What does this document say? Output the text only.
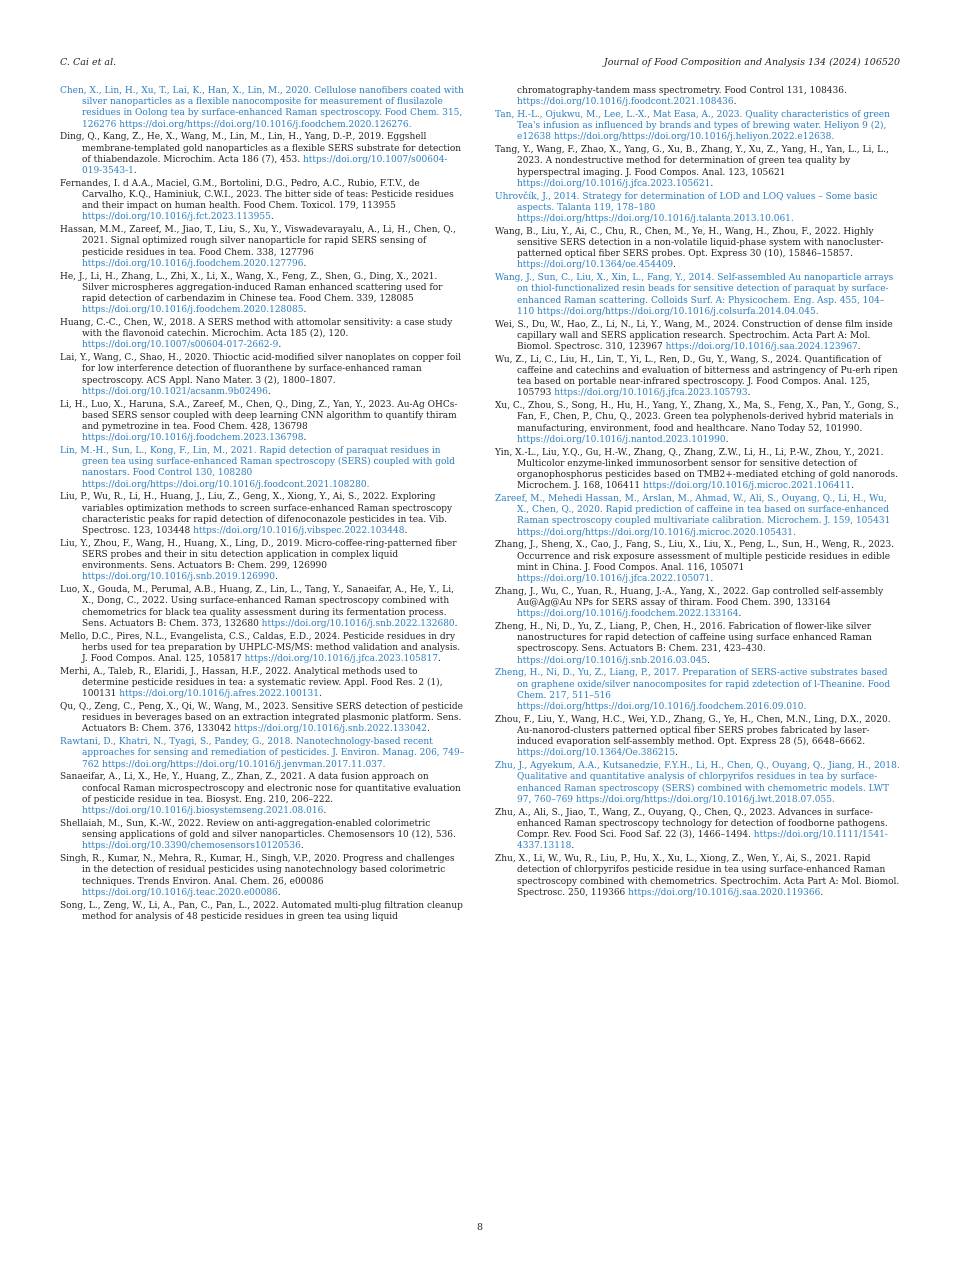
C. Cai et al.	Journal of Food Composition and Analysis 134 (2024) 106520
Chen, X., Lin, H., Xu, T., Lai, K., Han, X., Lin, M., 2020. Cellulose nanofibers coated with silver nanoparticles as a flexible nanocomposite for measurement of flusilazole residues in Oolong tea by surface-enhanced Raman spectroscopy. Food Chem. 315, 126276 https://doi.org/https://doi.org/10.1016/j.foodchem.2020.126276.
Ding, Q., Kang, Z., He, X., Wang, M., Lin, M., Lin, H., Yang, D.-P., 2019. Eggshell membrane-templated gold nanoparticles as a flexible SERS substrate for detection of thiabendazole. Microchim. Acta 186 (7), 453. https://doi.org/10.1007/s00604-019-3543-1.
Fernandes, I. d A.A., Maciel, G.M., Bortolini, D.G., Pedro, A.C., Rubio, F.T.V., de Carvalho, K.Q., Haminiuk, C.W.I., 2023. The bitter side of teas: Pesticide residues and their impact on human health. Food Chem. Toxicol. 179, 113955 https://doi.org/10.1016/j.fct.2023.113955.
Hassan, M.M., Zareef, M., Jiao, T., Liu, S., Xu, Y., Viswadevarayalu, A., Li, H., Chen, Q., 2021. Signal optimized rough silver nanoparticle for rapid SERS sensing of pesticide residues in tea. Food Chem. 338, 127796 https://doi.org/10.1016/j.foodchem.2020.127796.
He, J., Li, H., Zhang, L., Zhi, X., Li, X., Wang, X., Feng, Z., Shen, G., Ding, X., 2021. Silver microspheres aggregation-induced Raman enhanced scattering used for rapid detection of carbendazim in Chinese tea. Food Chem. 339, 128085 https://doi.org/10.1016/j.foodchem.2020.128085.
Huang, C.-C., Chen, W., 2018. A SERS method with attomolar sensitivity: a case study with the flavonoid catechin. Microchim. Acta 185 (2), 120. https://doi.org/10.1007/s00604-017-2662-9.
Lai, Y., Wang, C., Shao, H., 2020. Thioctic acid-modified silver nanoplates on copper foil for low interference detection of fluoranthene by surface-enhanced raman spectroscopy. ACS Appl. Nano Mater. 3 (2), 1800–1807. https://doi.org/10.1021/acsanm.9b02496.
Li, H., Luo, X., Haruna, S.A., Zareef, M., Chen, Q., Ding, Z., Yan, Y., 2023. Au-Ag OHCs-based SERS sensor coupled with deep learning CNN algorithm to quantify thiram and pymetrozine in tea. Food Chem. 428, 136798 https://doi.org/10.1016/j.foodchem.2023.136798.
Lin, M.-H., Sun, L., Kong, F., Lin, M., 2021. Rapid detection of paraquat residues in green tea using surface-enhanced Raman spectroscopy (SERS) coupled with gold nanostars. Food Control 130, 108280 https://doi.org/https://doi.org/10.1016/j.foodcont.2021.108280.
Liu, P., Wu, R., Li, H., Huang, J., Liu, Z., Geng, X., Xiong, Y., Ai, S., 2022. Exploring variables optimization methods to screen surface-enhanced Raman spectroscopy characteristic peaks for rapid detection of difenoconazole pesticides in tea. Vib. Spectrosc. 123, 103448 https://doi.org/10.1016/j.vibspec.2022.103448.
Liu, Y., Zhou, F., Wang, H., Huang, X., Ling, D., 2019. Micro-coffee-ring-patterned fiber SERS probes and their in situ detection application in complex liquid environments. Sens. Actuators B: Chem. 299, 126990 https://doi.org/10.1016/j.snb.2019.126990.
Luo, X., Gouda, M., Perumal, A.B., Huang, Z., Lin, L., Tang, Y., Sanaeifar, A., He, Y., Li, X., Dong, C., 2022. Using surface-enhanced Raman spectroscopy combined with chemometrics for black tea quality assessment during its fermentation process. Sens. Actuators B: Chem. 373, 132680 https://doi.org/10.1016/j.snb.2022.132680.
Mello, D.C., Pires, N.L., Evangelista, C.S., Caldas, E.D., 2024. Pesticide residues in dry herbs used for tea preparation by UHPLC-MS/MS: method validation and analysis. J. Food Compos. Anal. 125, 105817 https://doi.org/10.1016/j.jfca.2023.105817.
Merhi, A., Taleb, R., Elaridi, J., Hassan, H.F., 2022. Analytical methods used to determine pesticide residues in tea: a systematic review. Appl. Food Res. 2 (1), 100131 https://doi.org/10.1016/j.afres.2022.100131.
Qu, Q., Zeng, C., Peng, X., Qi, W., Wang, M., 2023. Sensitive SERS detection of pesticide residues in beverages based on an extraction integrated plasmonic platform. Sens. Actuators B: Chem. 376, 133042 https://doi.org/10.1016/j.snb.2022.133042.
Rawtani, D., Khatri, N., Tyagi, S., Pandey, G., 2018. Nanotechnology-based recent approaches for sensing and remediation of pesticides. J. Environ. Manag. 206, 749–762 https://doi.org/https://doi.org/10.1016/j.jenvman.2017.11.037.
Sanaeifar, A., Li, X., He, Y., Huang, Z., Zhan, Z., 2021. A data fusion approach on confocal Raman microspectroscopy and electronic nose for quantitative evaluation of pesticide residue in tea. Biosyst. Eng. 210, 206–222. https://doi.org/10.1016/j.biosystemseng.2021.08.016.
Shellaiah, M., Sun, K.-W., 2022. Review on anti-aggregation-enabled colorimetric sensing applications of gold and silver nanoparticles. Chemosensors 10 (12), 536. https://doi.org/10.3390/chemosensors10120536.
Singh, R., Kumar, N., Mehra, R., Kumar, H., Singh, V.P., 2020. Progress and challenges in the detection of residual pesticides using nanotechnology based colorimetric techniques. Trends Environ. Anal. Chem. 26, e00086 https://doi.org/10.1016/j.teac.2020.e00086.
Song, L., Zeng, W., Li, A., Pan, C., Pan, L., 2022. Automated multi-plug filtration cleanup method for analysis of 48 pesticide residues in green tea using liquid
chromatography-tandem mass spectrometry. Food Control 131, 108436. https://doi.org/10.1016/j.foodcont.2021.108436.
Tan, H.-L., Ojukwu, M., Lee, L.-X., Mat Easa, A., 2023. Quality characteristics of green Tea's infusion as influenced by brands and types of brewing water. Heliyon 9 (2), e12638 https://doi.org/https://doi.org/10.1016/j.heliyon.2022.e12638.
Tang, Y., Wang, F., Zhao, X., Yang, G., Xu, B., Zhang, Y., Xu, Z., Yang, H., Yan, L., Li, L., 2023. A nondestructive method for determination of green tea quality by hyperspectral imaging. J. Food Compos. Anal. 123, 105621 https://doi.org/10.1016/j.jfca.2023.105621.
Uhrovčík, J., 2014. Strategy for determination of LOD and LOQ values – Some basic aspects. Talanta 119, 178–180 https://doi.org/https://doi.org/10.1016/j.talanta.2013.10.061.
Wang, B., Liu, Y., Ai, C., Chu, R., Chen, M., Ye, H., Wang, H., Zhou, F., 2022. Highly sensitive SERS detection in a non-volatile liquid-phase system with nanocluster-patterned optical fiber SERS probes. Opt. Express 30 (10), 15846–15857. https://doi.org/10.1364/oe.454409.
Wang, J., Sun, C., Liu, X., Xin, L., Fang, Y., 2014. Self-assembled Au nanoparticle arrays on thiol-functionalized resin beads for sensitive detection of paraquat by surface-enhanced Raman scattering. Colloids Surf. A: Physicochem. Eng. Asp. 455, 104–110 https://doi.org/https://doi.org/10.1016/j.colsurfa.2014.04.045.
Wei, S., Du, W., Hao, Z., Li, N., Li, Y., Wang, M., 2024. Construction of dense film inside capillary wall and SERS application research. Spectrochim. Acta Part A: Mol. Biomol. Spectrosc. 310, 123967 https://doi.org/10.1016/j.saa.2024.123967.
Wu, Z., Li, C., Liu, H., Lin, T., Yi, L., Ren, D., Gu, Y., Wang, S., 2024. Quantification of caffeine and catechins and evaluation of bitterness and astringency of Pu-erh ripen tea based on portable near-infrared spectroscopy. J. Food Compos. Anal. 125, 105793 https://doi.org/10.1016/j.jfca.2023.105793.
Xu, C., Zhou, S., Song, H., Hu, H., Yang, Y., Zhang, X., Ma, S., Feng, X., Pan, Y., Gong, S., Fan, F., Chen, P., Chu, Q., 2023. Green tea polyphenols-derived hybrid materials in manufacturing, environment, food and healthcare. Nano Today 52, 101990. https://doi.org/10.1016/j.nantod.2023.101990.
Yin, X.-L., Liu, Y.Q., Gu, H.-W., Zhang, Q., Zhang, Z.W., Li, H., Li, P.-W., Zhou, Y., 2021. Multicolor enzyme-linked immunosorbent sensor for sensitive detection of organophosphorus pesticides based on TMB2+-mediated etching of gold nanorods. Microchem. J. 168, 106411 https://doi.org/10.1016/j.microc.2021.106411.
Zareef, M., Mehedi Hassan, M., Arslan, M., Ahmad, W., Ali, S., Ouyang, Q., Li, H., Wu, X., Chen, Q., 2020. Rapid prediction of caffeine in tea based on surface-enhanced Raman spectroscopy coupled multivariate calibration. Microchem. J. 159, 105431 https://doi.org/https://doi.org/10.1016/j.microc.2020.105431.
Zhang, J., Sheng, X., Cao, J., Fang, S., Liu, X., Liu, X., Peng, L., Sun, H., Weng, R., 2023. Occurrence and risk exposure assessment of multiple pesticide residues in edible mint in China. J. Food Compos. Anal. 116, 105071 https://doi.org/10.1016/j.jfca.2022.105071.
Zhang, J., Wu, C., Yuan, R., Huang, J.-A., Yang, X., 2022. Gap controlled self-assembly Au@Ag@Au NPs for SERS assay of thiram. Food Chem. 390, 133164 https://doi.org/10.1016/j.foodchem.2022.133164.
Zheng, H., Ni, D., Yu, Z., Liang, P., Chen, H., 2016. Fabrication of flower-like silver nanostructures for rapid detection of caffeine using surface enhanced Raman spectroscopy. Sens. Actuators B: Chem. 231, 423–430. https://doi.org/10.1016/j.snb.2016.03.045.
Zheng, H., Ni, D., Yu, Z., Liang, P., 2017. Preparation of SERS-active substrates based on graphene oxide/silver nanocomposites for rapid zdetection of l-Theanine. Food Chem. 217, 511–516 https://doi.org/https://doi.org/10.1016/j.foodchem.2016.09.010.
Zhou, F., Liu, Y., Wang, H.C., Wei, Y.D., Zhang, G., Ye, H., Chen, M.N., Ling, D.X., 2020. Au-nanorod-clusters patterned optical fiber SERS probes fabricated by laser-induced evaporation self-assembly method. Opt. Express 28 (5), 6648–6662. https://doi.org/10.1364/Oe.386215.
Zhu, J., Agyekum, A.A., Kutsanedzie, F.Y.H., Li, H., Chen, Q., Ouyang, Q., Jiang, H., 2018. Qualitative and quantitative analysis of chlorpyrifos residues in tea by surface-enhanced Raman spectroscopy (SERS) combined with chemometric models. LWT 97, 760–769 https://doi.org/https://doi.org/10.1016/j.lwt.2018.07.055.
Zhu, A., Ali, S., Jiao, T., Wang, Z., Ouyang, Q., Chen, Q., 2023. Advances in surface-enhanced Raman spectroscopy technology for detection of foodborne pathogens. Compr. Rev. Food Sci. Food Saf. 22 (3), 1466–1494. https://doi.org/10.1111/1541-4337.13118.
Zhu, X., Li, W., Wu, R., Liu, P., Hu, X., Xu, L., Xiong, Z., Wen, Y., Ai, S., 2021. Rapid detection of chlorpyrifos pesticide residue in tea using surface-enhanced Raman spectroscopy combined with chemometrics. Spectrochim. Acta Part A: Mol. Biomol. Spectrosc. 250, 119366 https://doi.org/10.1016/j.saa.2020.119366.
8
